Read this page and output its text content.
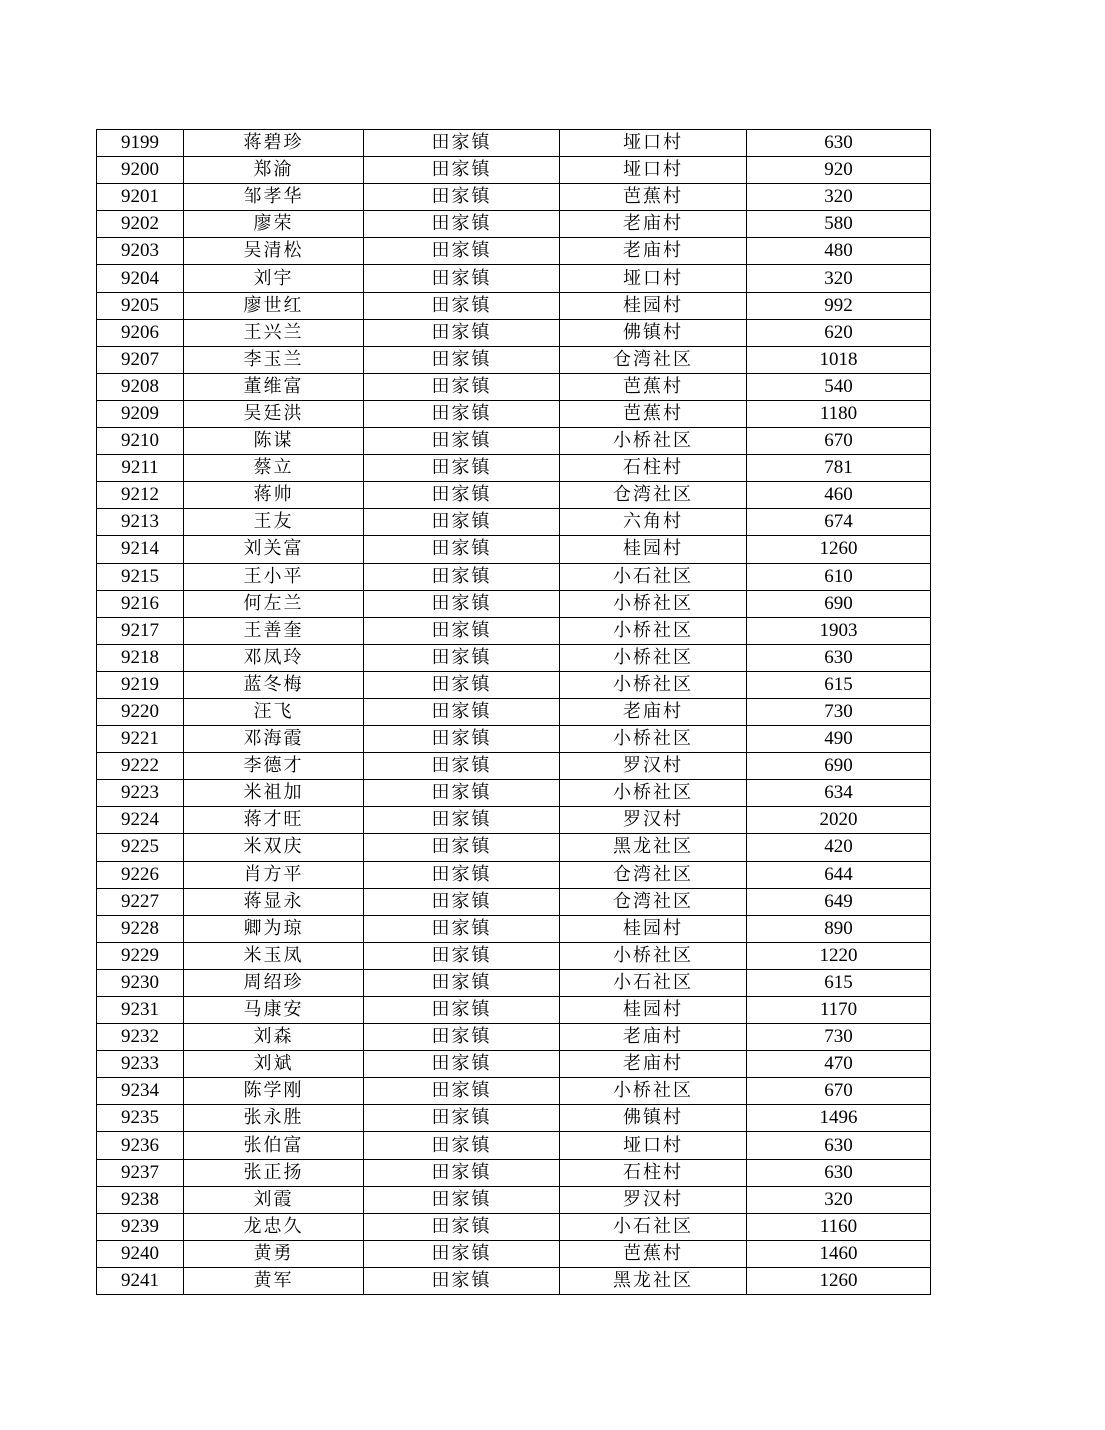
9199	蒋碧珍	田家镇	垭口村	630
9200	郑渝	田家镇	垭口村	920
9201	邹孝华	田家镇	芭蕉村	320
9202	廖荣	田家镇	老庙村	580
9203	吴清松	田家镇	老庙村	480
9204	刘宇	田家镇	垭口村	320
9205	廖世红	田家镇	桂园村	992
9206	王兴兰	田家镇	佛镇村	620
9207	李玉兰	田家镇	仓湾社区	1018
9208	董维富	田家镇	芭蕉村	540
9209	吴廷洪	田家镇	芭蕉村	1180
9210	陈谋	田家镇	小桥社区	670
9211	蔡立	田家镇	石柱村	781
9212	蒋帅	田家镇	仓湾社区	460
9213	王友	田家镇	六角村	674
9214	刘关富	田家镇	桂园村	1260
9215	王小平	田家镇	小石社区	610
9216	何左兰	田家镇	小桥社区	690
9217	王善奎	田家镇	小桥社区	1903
9218	邓凤玲	田家镇	小桥社区	630
9219	蓝冬梅	田家镇	小桥社区	615
9220	汪飞	田家镇	老庙村	730
9221	邓海霞	田家镇	小桥社区	490
9222	李德才	田家镇	罗汉村	690
9223	米祖加	田家镇	小桥社区	634
9224	蒋才旺	田家镇	罗汉村	2020
9225	米双庆	田家镇	黑龙社区	420
9226	肖方平	田家镇	仓湾社区	644
9227	蒋显永	田家镇	仓湾社区	649
9228	卿为琼	田家镇	桂园村	890
9229	米玉凤	田家镇	小桥社区	1220
9230	周绍珍	田家镇	小石社区	615
9231	马康安	田家镇	桂园村	1170
9232	刘森	田家镇	老庙村	730
9233	刘斌	田家镇	老庙村	470
9234	陈学刚	田家镇	小桥社区	670
9235	张永胜	田家镇	佛镇村	1496
9236	张伯富	田家镇	垭口村	630
9237	张正扬	田家镇	石柱村	630
9238	刘霞	田家镇	罗汉村	320
9239	龙忠久	田家镇	小石社区	1160
9240	黄勇	田家镇	芭蕉村	1460
9241	黄军	田家镇	黑龙社区	1260
